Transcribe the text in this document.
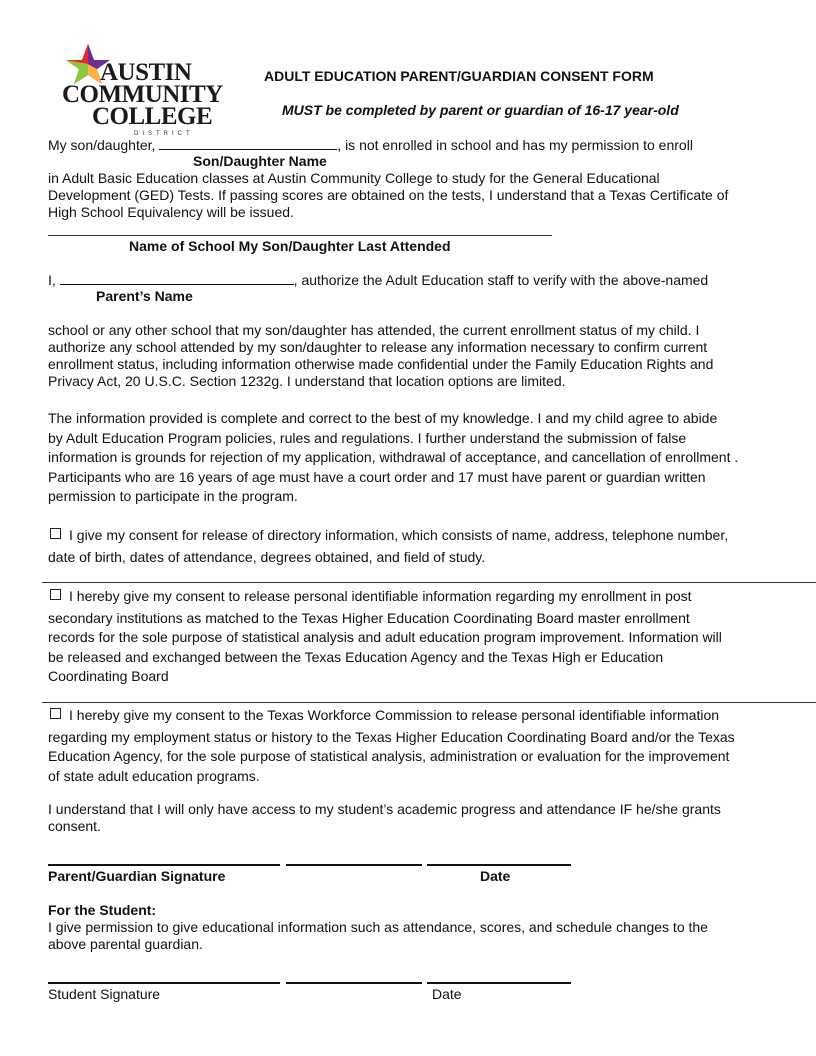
AUSTIN
COMMUNITY
COLLEGE
DISTRICT
ADULT EDUCATION PARENT/GUARDIAN CONSENT FORM
MUST be completed by parent or guardian of 16-17 year-old
My son/daughter,	, is not enrolled in school and has my permission to enroll
Son/Daughter Name
in Adult Basic Education classes at Austin Community College to study for the General Educational
Development (GED) Tests. If passing scores are obtained on the tests, I understand that a Texas Certificate of
High School Equivalency will be issued.
Name of School My Son/Daughter Last Attended
I,	, authorize the Adult Education staff to verify with the above-named
Parent’s Name
school or any other school that my son/daughter has attended, the current enrollment status of my child. I
authorize any school attended by my son/daughter to release any information necessary to confirm current
enrollment status, including information otherwise made confidential under the Family Education Rights and
Privacy Act, 20 U.S.C. Section 1232g. I understand that location options are limited.
The information provided is complete and correct to the best of my knowledge. I and my child agree to abide
by Adult Education Program policies, rules and regulations. I further understand the submission of false
information is grounds for rejection of my application, withdrawal of acceptance, and cancellation of enrollment .
Participants who are 16 years of age must have a court order and 17 must have parent or guardian written
permission to participate in the program.
I give my consent for release of directory information, which consists of name, address, telephone number,
date of birth, dates of attendance, degrees obtained, and field of study.
I hereby give my consent to release personal identifiable information regarding my enrollment in post
secondary institutions as matched to the Texas Higher Education Coordinating Board master enrollment
records for the sole purpose of statistical analysis and adult education program improvement. Information will
be released and exchanged between the Texas Education Agency and the Texas High er Education
Coordinating Board
I hereby give my consent to the Texas Workforce Commission to release personal identifiable information
regarding my employment status or history to the Texas Higher Education Coordinating Board and/or the Texas
Education Agency, for the sole purpose of statistical analysis, administration or evaluation for the improvement
of state adult education programs.
I understand that I will only have access to my student’s academic progress and attendance IF he/she grants
consent.
Parent/Guardian Signature	Date
For the Student:
I give permission to give educational information such as attendance, scores, and schedule changes to the
above parental guardian.
Student Signature	Date
